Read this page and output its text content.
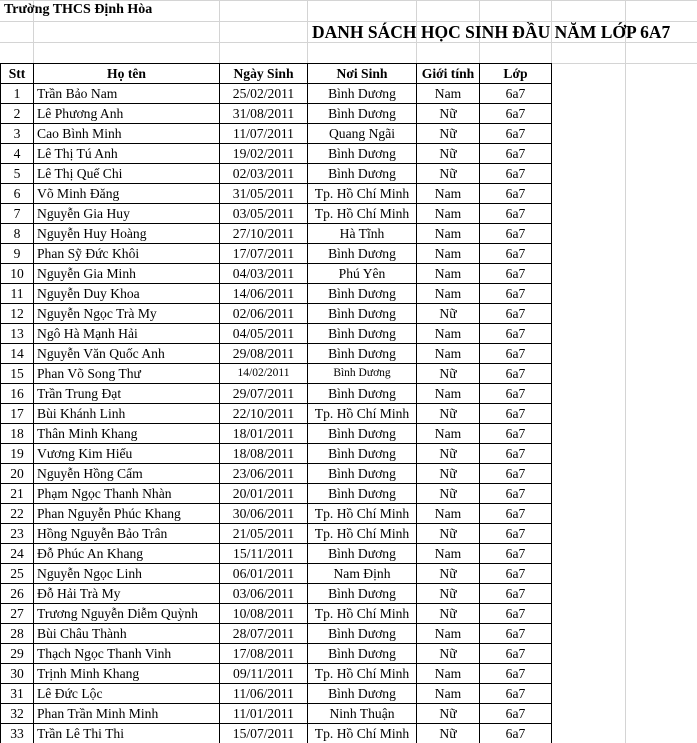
Trường THCS Định Hòa
DANH SÁCH HỌC SINH ĐẦU NĂM LỚP 6A7
Stt	Họ tên	Ngày Sinh	Nơi Sinh	Giới tính	Lớp
1	Trần Bảo Nam	25/02/2011	Bình Dương	Nam	6a7
2	Lê Phương Anh	31/08/2011	Bình Dương	Nữ	6a7
3	Cao Bình Minh	11/07/2011	Quang Ngãi	Nữ	6a7
4	Lê Thị Tú Anh	19/02/2011	Bình Dương	Nữ	6a7
5	Lê Thị Quế Chi	02/03/2011	Bình Dương	Nữ	6a7
6	Võ Minh Đăng	31/05/2011	Tp. Hồ Chí Minh	Nam	6a7
7	Nguyễn Gia Huy	03/05/2011	Tp. Hồ Chí Minh	Nam	6a7
8	Nguyễn Huy Hoàng	27/10/2011	Hà Tĩnh	Nam	6a7
9	Phan Sỹ Đức Khôi	17/07/2011	Bình Dương	Nam	6a7
10	Nguyễn Gia Minh	04/03/2011	Phú Yên	Nam	6a7
11	Nguyễn Duy Khoa	14/06/2011	Bình Dương	Nam	6a7
12	Nguyễn Ngọc Trà My	02/06/2011	Bình Dương	Nữ	6a7
13	Ngô Hà Mạnh Hải	04/05/2011	Bình Dương	Nam	6a7
14	Nguyễn Văn Quốc Anh	29/08/2011	Bình Dương	Nam	6a7
15	Phan Võ Song Thư	14/02/2011	Bình Dương	Nữ	6a7
16	Trần Trung Đạt	29/07/2011	Bình Dương	Nam	6a7
17	Bùi Khánh Linh	22/10/2011	Tp. Hồ Chí Minh	Nữ	6a7
18	Thân Minh Khang	18/01/2011	Bình Dương	Nam	6a7
19	Vương Kim Hiếu	18/08/2011	Bình Dương	Nữ	6a7
20	Nguyễn Hồng Cẩm	23/06/2011	Bình Dương	Nữ	6a7
21	Phạm Ngọc Thanh Nhàn	20/01/2011	Bình Dương	Nữ	6a7
22	Phan Nguyễn Phúc Khang	30/06/2011	Tp. Hồ Chí Minh	Nam	6a7
23	Hồng Nguyễn Bảo Trân	21/05/2011	Tp. Hồ Chí Minh	Nữ	6a7
24	Đỗ Phúc An Khang	15/11/2011	Bình Dương	Nam	6a7
25	Nguyễn Ngọc Linh	06/01/2011	Nam Định	Nữ	6a7
26	Đỗ Hải Trà My	03/06/2011	Bình Dương	Nữ	6a7
27	Trương Nguyễn Diễm Quỳnh	10/08/2011	Tp. Hồ Chí Minh	Nữ	6a7
28	Bùi Châu Thành	28/07/2011	Bình Dương	Nam	6a7
29	Thạch Ngọc Thanh Vinh	17/08/2011	Bình Dương	Nữ	6a7
30	Trịnh Minh Khang	09/11/2011	Tp. Hồ Chí Minh	Nam	6a7
31	Lê Đức Lộc	11/06/2011	Bình Dương	Nam	6a7
32	Phan Trần Minh Minh	11/01/2011	Ninh Thuận	Nữ	6a7
33	Trần Lê Thi Thi	15/07/2011	Tp. Hồ Chí Minh	Nữ	6a7
